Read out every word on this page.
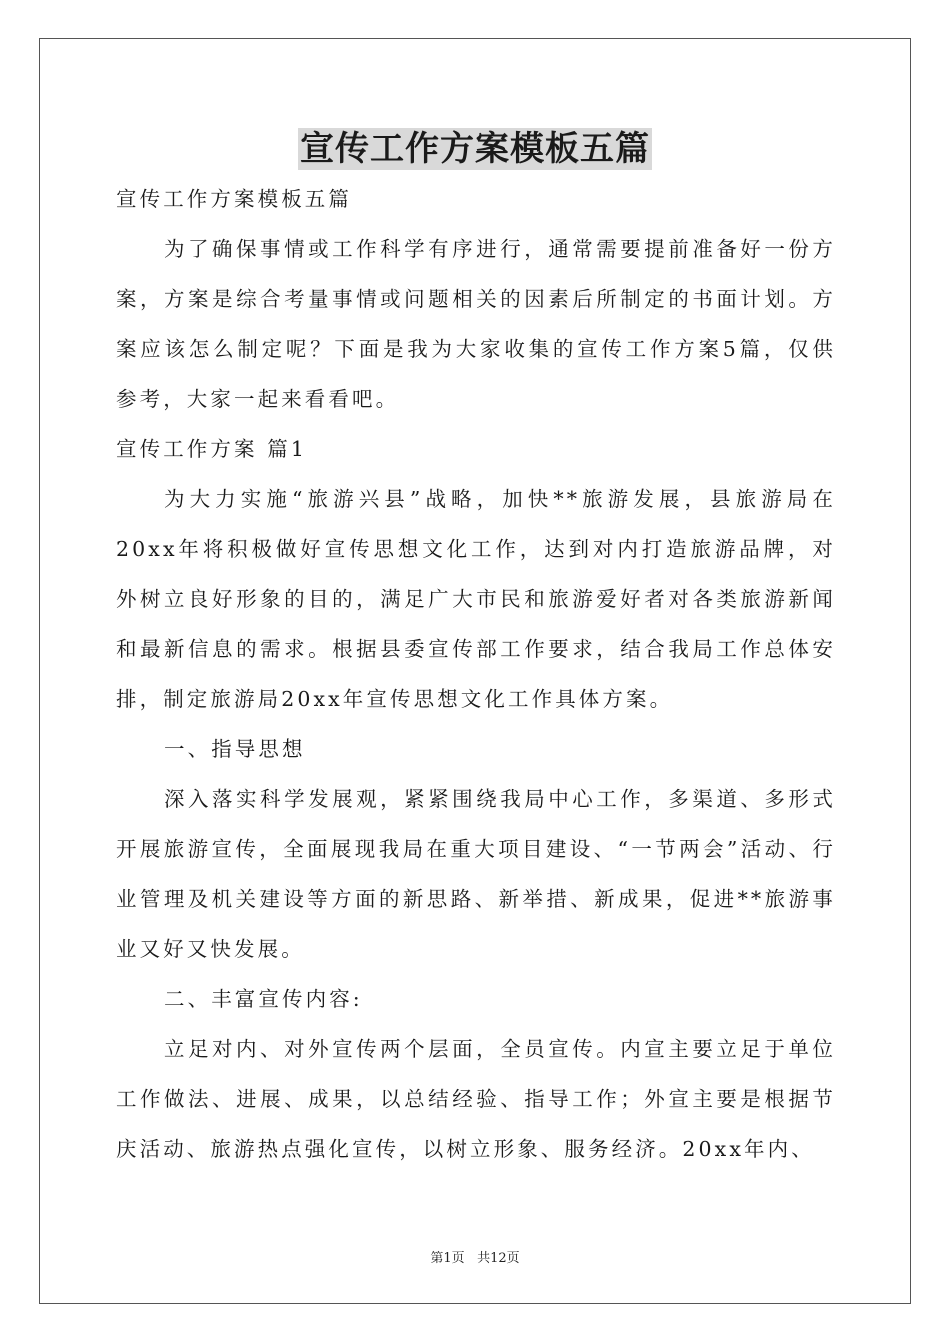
宣传工作方案模板五篇

宣传工作方案模板五篇

为了确保事情或工作科学有序进行，通常需要提前准备好一份方案，方案是综合考量事情或问题相关的因素后所制定的书面计划。方案应该怎么制定呢？下面是我为大家收集的宣传工作方案5篇，仅供参考，大家一起来看看吧。

宣传工作方案 篇1

为大力实施“旅游兴县”战略，加快**旅游发展，县旅游局在20xx年将积极做好宣传思想文化工作，达到对内打造旅游品牌，对外树立良好形象的目的，满足广大市民和旅游爱好者对各类旅游新闻和最新信息的需求。根据县委宣传部工作要求，结合我局工作总体安排，制定旅游局20xx年宣传思想文化工作具体方案。

一、指导思想

深入落实科学发展观，紧紧围绕我局中心工作，多渠道、多形式开展旅游宣传，全面展现我局在重大项目建设、“一节两会”活动、行业管理及机关建设等方面的新思路、新举措、新成果，促进**旅游事业又好又快发展。

二、丰富宣传内容:

立足对内、对外宣传两个层面，全员宣传。内宣主要立足于单位工作做法、进展、成果，以总结经验、指导工作；外宣主要是根据节庆活动、旅游热点强化宣传，以树立形象、服务经济。20xx年内、

第1页 共12页
